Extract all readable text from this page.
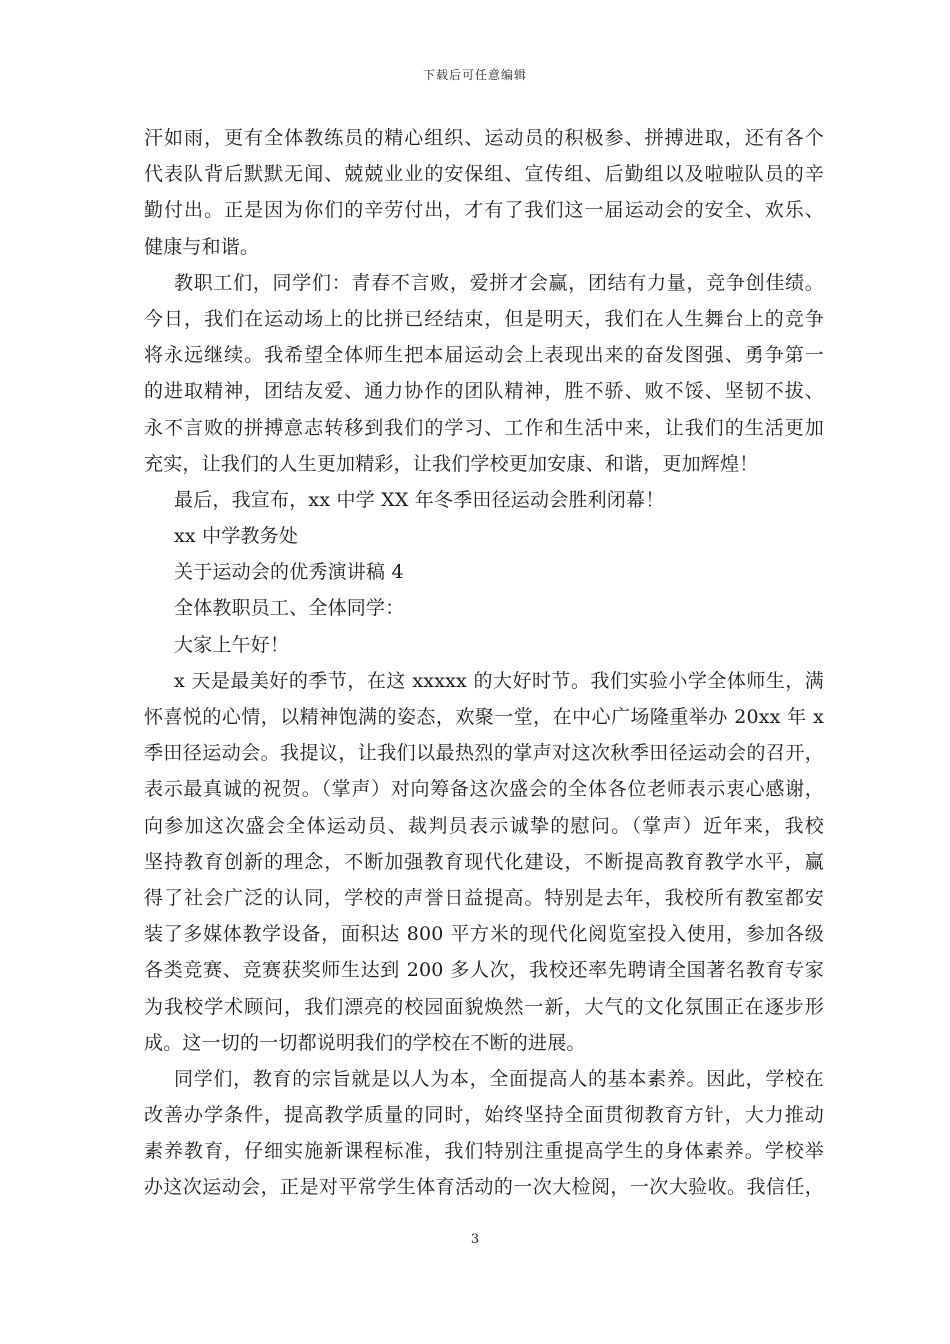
下载后可任意编辑
汗如雨，更有全体教练员的精心组织、运动员的积极参、拼搏进取，还有各个
代表队背后默默无闻、兢兢业业的安保组、宣传组、后勤组以及啦啦队员的辛
勤付出。正是因为你们的辛劳付出，才有了我们这一届运动会的安全、欢乐、
健康与和谐。
教职工们，同学们：青春不言败，爱拼才会赢，团结有力量，竞争创佳绩。
今日，我们在运动场上的比拼已经结束，但是明天，我们在人生舞台上的竞争
将永远继续。我希望全体师生把本届运动会上表现出来的奋发图强、勇争第一
的进取精神，团结友爱、通力协作的团队精神，胜不骄、败不馁、坚韧不拔、
永不言败的拼搏意志转移到我们的学习、工作和生活中来，让我们的生活更加
充实，让我们的人生更加精彩，让我们学校更加安康、和谐，更加辉煌！
最后，我宣布，xx 中学 XX 年冬季田径运动会胜利闭幕！
xx 中学教务处
关于运动会的优秀演讲稿 4
全体教职员工、全体同学：
大家上午好！
x 天是最美好的季节，在这 xxxxx 的大好时节。我们实验小学全体师生，满
怀喜悦的心情，以精神饱满的姿态，欢聚一堂，在中心广场隆重举办 20xx 年 x
季田径运动会。我提议，让我们以最热烈的掌声对这次秋季田径运动会的召开，
表示最真诚的祝贺。（掌声）对向筹备这次盛会的全体各位老师表示衷心感谢，
向参加这次盛会全体运动员、裁判员表示诚挚的慰问。（掌声）近年来，我校
坚持教育创新的理念，不断加强教育现代化建设，不断提高教育教学水平，赢
得了社会广泛的认同，学校的声誉日益提高。特别是去年，我校所有教室都安
装了多媒体教学设备，面积达 800 平方米的现代化阅览室投入使用，参加各级
各类竞赛、竞赛获奖师生达到 200 多人次，我校还率先聘请全国著名教育专家
为我校学术顾问，我们漂亮的校园面貌焕然一新，大气的文化氛围正在逐步形
成。这一切的一切都说明我们的学校在不断的进展。
同学们，教育的宗旨就是以人为本，全面提高人的基本素养。因此，学校在
改善办学条件，提高教学质量的同时，始终坚持全面贯彻教育方针，大力推动
素养教育，仔细实施新课程标准，我们特别注重提高学生的身体素养。学校举
办这次运动会，正是对平常学生体育活动的一次大检阅，一次大验收。我信任，
3
